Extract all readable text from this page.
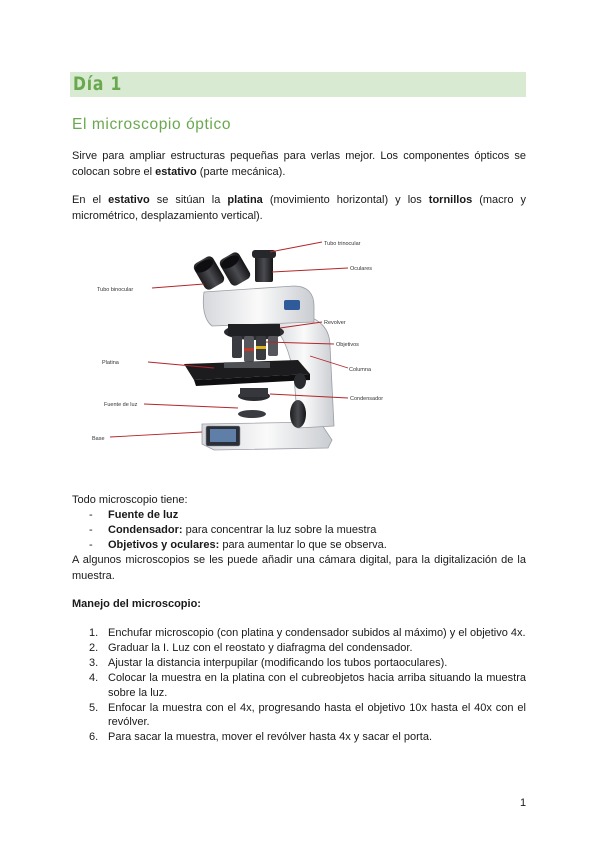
Día 1
El microscopio óptico

Sirve para ampliar estructuras pequeñas para verlas mejor. Los componentes ópticos se colocan sobre el estativo (parte mecánica).

En el estativo se sitúan la platina (movimiento horizontal) y los tornillos (macro y micrométrico, desplazamiento vertical).

Tubo trinocular
Oculares
Tubo binocular
Revolver
Objetivos
Platina
Columna
Condensador
Fuente de luz
Base
Todo microscopio tiene:
- Fuente de luz
- Condensador: para concentrar la luz sobre la muestra
- Objetivos y oculares: para aumentar lo que se observa.

A algunos microscopios se les puede añadir una cámara digital, para la digitalización de la muestra.

Manejo del microscopio:
1. Enchufar microscopio (con platina y condensador subidos al máximo) y el objetivo 4x.
2. Graduar la I. Luz con el reostato y diafragma del condensador.
3. Ajustar la distancia interpupilar (modificando los tubos portaoculares).
4. Colocar la muestra en la platina con el cubreobjetos hacia arriba situando la muestra sobre la luz.
5. Enfocar la muestra con el 4x, progresando hasta el objetivo 10x hasta el 40x con el revólver.
6. Para sacar la muestra, mover el revólver hasta 4x y sacar el porta.
1
